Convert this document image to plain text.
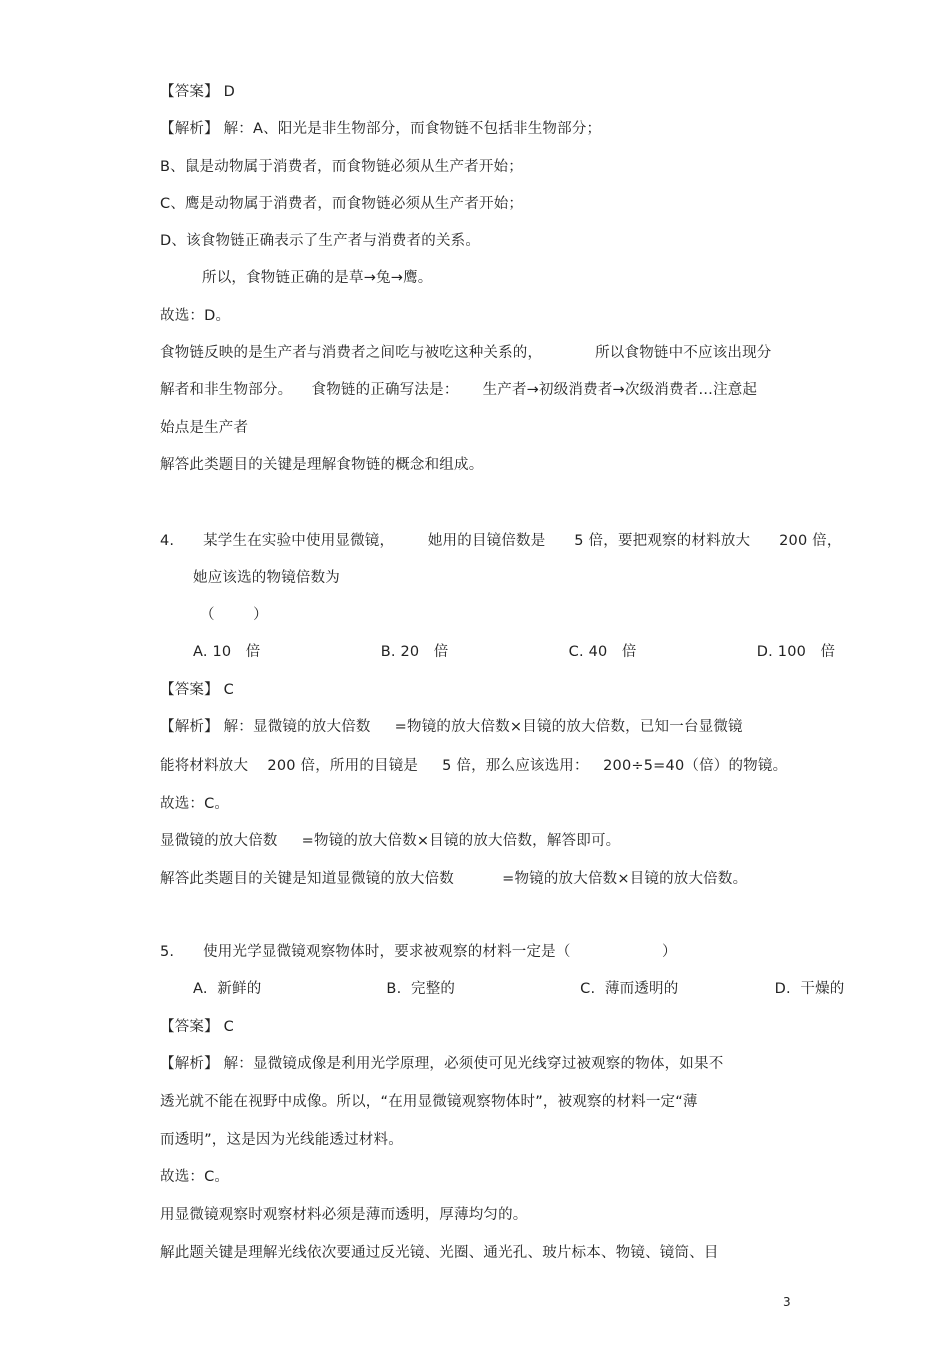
【答案】 D
【解析】 解：A、阳光是非生物部分，而食物链不包括非生物部分；
B、鼠是动物属于消费者，而食物链必须从生产者开始；
C、鹰是动物属于消费者，而食物链必须从生产者开始；
D、该食物链正确表示了生产者与消费者的关系。
所以，食物链正确的是草→兔→鹰。
故选：D。
食物链反映的是生产者与消费者之间吃与被吃这种关系的，           所以食物链中不应该出现分
解者和非生物部分。    食物链的正确写法是：     生产者→初级消费者→次级消费者…注意起
始点是生产者
解答此类题目的关键是理解食物链的概念和组成。
4.      某学生在实验中使用显微镜，       她用的目镜倍数是      5 倍，要把观察的材料放大      200 倍，
她应该选的物镜倍数为
（        ）
A. 10   倍                         B. 20   倍                         C. 40   倍                         D. 100   倍
【答案】 C
【解析】 解：显微镜的放大倍数     =物镜的放大倍数×目镜的放大倍数，已知一台显微镜
能将材料放大    200 倍，所用的目镜是     5 倍，那么应该选用：   200÷5=40（倍）的物镜。
故选：C。
显微镜的放大倍数     =物镜的放大倍数×目镜的放大倍数，解答即可。
解答此类题目的关键是知道显微镜的放大倍数          =物镜的放大倍数×目镜的放大倍数。
5.      使用光学显微镜观察物体时，要求被观察的材料一定是（                   ）
A.  新鲜的                          B.  完整的                          C.  薄而透明的                    D.  干燥的
【答案】 C
【解析】 解：显微镜成像是利用光学原理，必须使可见光线穿过被观察的物体，如果不
透光就不能在视野中成像。所以，“在用显微镜观察物体时”，被观察的材料一定“薄
而透明”，这是因为光线能透过材料。
故选：C。
用显微镜观察时观察材料必须是薄而透明，厚薄均匀的。
解此题关键是理解光线依次要通过反光镜、光圈、通光孔、玻片标本、物镜、镜筒、目
3
